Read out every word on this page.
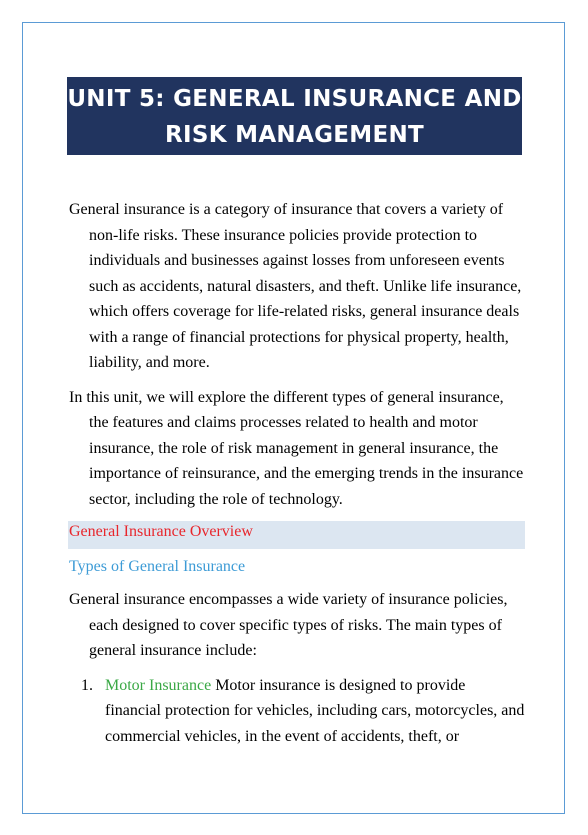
UNIT 5: GENERAL INSURANCE AND
RISK MANAGEMENT

General insurance is a category of insurance that covers a variety of non-life risks. These insurance policies provide protection to individuals and businesses against losses from unforeseen events such as accidents, natural disasters, and theft. Unlike life insurance, which offers coverage for life-related risks, general insurance deals with a range of financial protections for physical property, health, liability, and more.

In this unit, we will explore the different types of general insurance, the features and claims processes related to health and motor insurance, the role of risk management in general insurance, the importance of reinsurance, and the emerging trends in the insurance sector, including the role of technology.

General Insurance Overview
Types of General Insurance

General insurance encompasses a wide variety of insurance policies, each designed to cover specific types of risks. The main types of general insurance include:

1. Motor Insurance Motor insurance is designed to provide financial protection for vehicles, including cars, motorcycles, and commercial vehicles, in the event of accidents, theft, or
